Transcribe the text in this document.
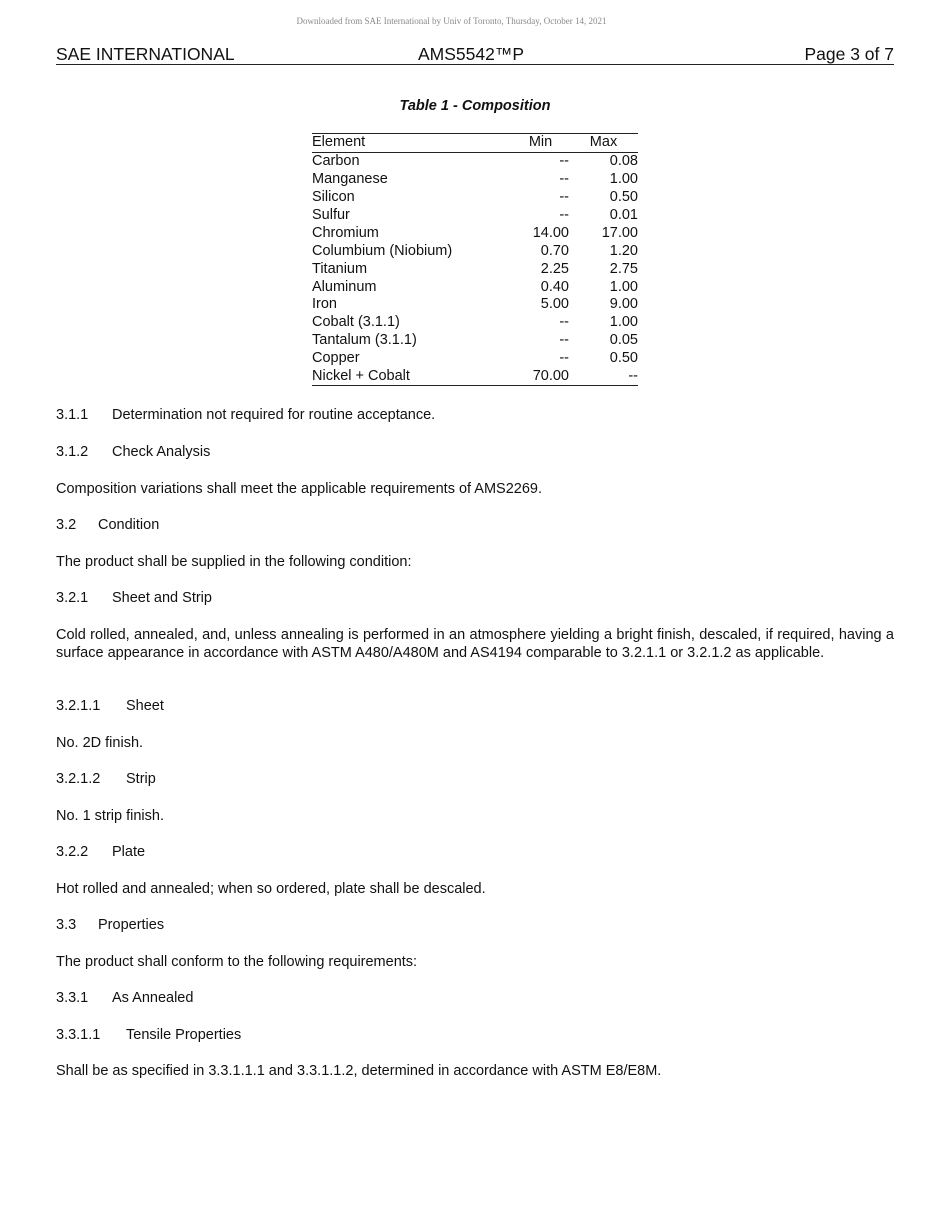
Downloaded from SAE International by Univ of Toronto, Thursday, October 14, 2021
SAE INTERNATIONAL	AMS5542™P	Page 3 of 7
Table 1 - Composition
Element	Min	Max
Carbon	--	0.08
Manganese	--	1.00
Silicon	--	0.50
Sulfur	--	0.01
Chromium	14.00	17.00
Columbium (Niobium)	0.70	1.20
Titanium	2.25	2.75
Aluminum	0.40	1.00
Iron	5.00	9.00
Cobalt (3.1.1)	--	1.00
Tantalum (3.1.1)	--	0.05
Copper	--	0.50
Nickel + Cobalt	70.00	--
3.1.1 Determination not required for routine acceptance.
3.1.2 Check Analysis
Composition variations shall meet the applicable requirements of AMS2269.
3.2 Condition
The product shall be supplied in the following condition:
3.2.1 Sheet and Strip
Cold rolled, annealed, and, unless annealing is performed in an atmosphere yielding a bright finish, descaled, if required, having a surface appearance in accordance with ASTM A480/A480M and AS4194 comparable to 3.2.1.1 or 3.2.1.2 as applicable.
3.2.1.1 Sheet
No. 2D finish.
3.2.1.2 Strip
No. 1 strip finish.
3.2.2 Plate
Hot rolled and annealed; when so ordered, plate shall be descaled.
3.3 Properties
The product shall conform to the following requirements:
3.3.1 As Annealed
3.3.1.1 Tensile Properties
Shall be as specified in 3.3.1.1.1 and 3.3.1.1.2, determined in accordance with ASTM E8/E8M.
